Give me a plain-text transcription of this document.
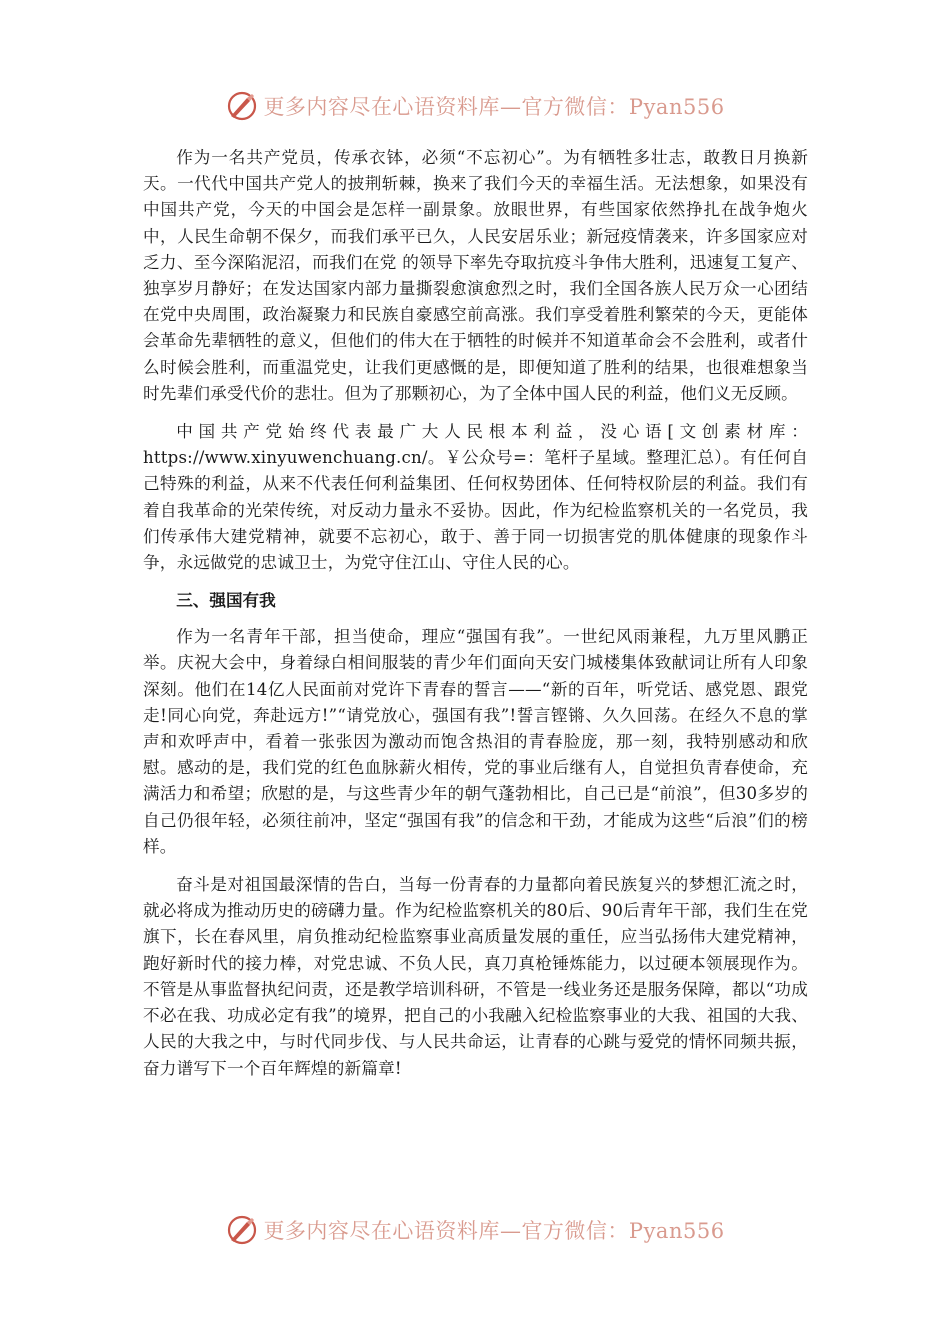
更多内容尽在心语资料库—官方微信：Pyan556

作为一名共产党员，传承衣钵，必须“不忘初心”。为有牺牲多壮志，敢教日月换新天。一代代中国共产党人的披荆斩棘，换来了我们今天的幸福生活。无法想象，如果没有中国共产党，今天的中国会是怎样一副景象。放眼世界，有些国家依然挣扎在战争炮火中，人民生命朝不保夕，而我们承平已久，人民安居乐业；新冠疫情袭来，许多国家应对乏力、至今深陷泥沼，而我们在党 的领导下率先夺取抗疫斗争伟大胜利，迅速复工复产、独享岁月静好；在发达国家内部力量撕裂愈演愈烈之时，我们全国各族人民万众一心团结在党中央周围，政治凝聚力和民族自豪感空前高涨。我们享受着胜利繁荣的今天，更能体会革命先辈牺牲的意义，但他们的伟大在于牺牲的时候并不知道革命会不会胜利，或者什么时候会胜利，而重温党史，让我们更感慨的是，即便知道了胜利的结果，也很难想象当时先辈们承受代价的悲壮。但为了那颗初心，为了全体中国人民的利益，他们义无反顾。

中国共产党始终代表最广大人民根本利益，没心语[文创素材库：https://www.xinyuwenchuang.cn/。￥公众号=：笔杆子星域。整理汇总）。有任何自己特殊的利益，从来不代表任何利益集团、任何权势团体、任何特权阶层的利益。我们有着自我革命的光荣传统，对反动力量永不妥协。因此，作为纪检监察机关的一名党员，我们传承伟大建党精神，就要不忘初心，敢于、善于同一切损害党的肌体健康的现象作斗争，永远做党的忠诚卫士，为党守住江山、守住人民的心。

三、强国有我

作为一名青年干部，担当使命，理应“强国有我”。一世纪风雨兼程，九万里风鹏正举。庆祝大会中，身着绿白相间服装的青少年们面向天安门城楼集体致献词让所有人印象深刻。他们在14亿人民面前对党许下青春的誓言——“新的百年，听党话、感党恩、跟党走!同心向党，奔赴远方!”“请党放心，强国有我”!誓言铿锵、久久回荡。在经久不息的掌声和欢呼声中，看着一张张因为激动而饱含热泪的青春脸庞，那一刻，我特别感动和欣慰。感动的是，我们党的红色血脉薪火相传，党的事业后继有人，自觉担负青春使命，充满活力和希望；欣慰的是，与这些青少年的朝气蓬勃相比，自己已是“前浪”，但30多岁的自己仍很年轻，必须往前冲，坚定“强国有我”的信念和干劲，才能成为这些“后浪”们的榜样。

奋斗是对祖国最深情的告白，当每一份青春的力量都向着民族复兴的梦想汇流之时，就必将成为推动历史的磅礴力量。作为纪检监察机关的80后、90后青年干部，我们生在党旗下，长在春风里，肩负推动纪检监察事业高质量发展的重任，应当弘扬伟大建党精神，跑好新时代的接力棒，对党忠诚、不负人民，真刀真枪锤炼能力，以过硬本领展现作为。不管是从事监督执纪问责，还是教学培训科研，不管是一线业务还是服务保障，都以“功成不必在我、功成必定有我”的境界，把自己的小我融入纪检监察事业的大我、祖国的大我、人民的大我之中，与时代同步伐、与人民共命运，让青春的心跳与爱党的情怀同频共振，奋力谱写下一个百年辉煌的新篇章!

更多内容尽在心语资料库—官方微信：Pyan556
